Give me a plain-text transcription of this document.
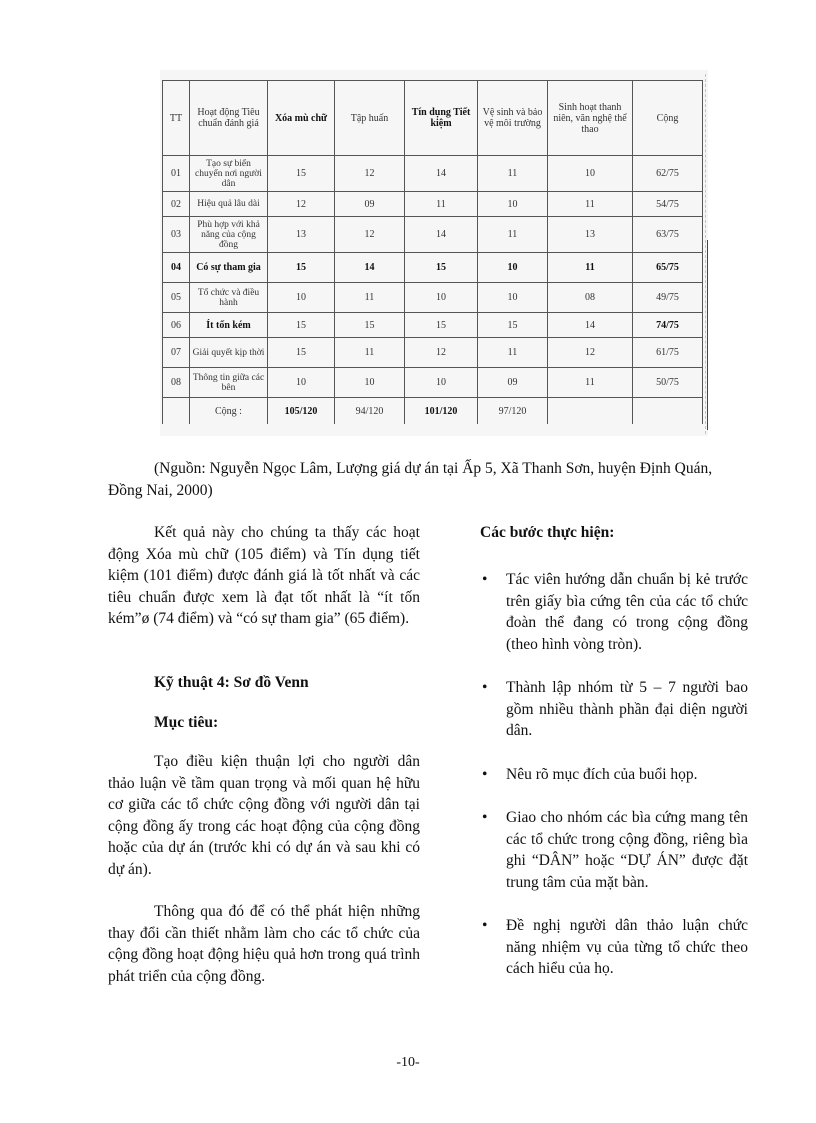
TT	Hoạt động Tiêu chuẩn đánh giá	Xóa mù chữ	Tập huấn	Tín dụng Tiết kiệm	Vệ sinh và bảo vệ môi trường	Sinh hoạt thanh niên, văn nghệ thể thao	Cộng
01	Tạo sự biến chuyển nơi người dân	15	12	14	11	10	62/75
02	Hiệu quả lâu dài	12	09	11	10	11	54/75
03	Phù hợp với khả năng của cộng đồng	13	12	14	11	13	63/75
04	Có sự tham gia	15	14	15	10	11	65/75
05	Tổ chức và điều hành	10	11	10	10	08	49/75
06	Ít tốn kém	15	15	15	15	14	74/75
07	Giải quyết kịp thời	15	11	12	11	12	61/75
08	Thông tin giữa các bên	10	10	10	09	11	50/75
	Cộng :	105/120	94/120	101/120	97/120		

(Nguồn: Nguyễn Ngọc Lâm, Lượng giá dự án tại Ấp 5, Xã Thanh Sơn, huyện Định Quán, Đồng Nai, 2000)

Kết quả này cho chúng ta thấy các hoạt động Xóa mù chữ (105 điểm) và Tín dụng tiết kiệm (101 điểm) được đánh giá là tốt nhất và các tiêu chuẩn được xem là đạt tốt nhất là “ít tốn kém”ø (74 điểm) và “có sự tham gia” (65 điểm).

Kỹ thuật 4: Sơ đồ Venn

Mục tiêu:

Tạo điều kiện thuận lợi cho người dân thảo luận về tầm quan trọng và mối quan hệ hữu cơ giữa các tổ chức cộng đồng với người dân tại cộng đồng ấy trong các hoạt động của cộng đồng hoặc của dự án (trước khi có dự án và sau khi có dự án).

Thông qua đó để có thể phát hiện những thay đổi cần thiết nhằm làm cho các tổ chức của cộng đồng hoạt động hiệu quả hơn trong quá trình phát triển của cộng đồng.

Các bước thực hiện:

• Tác viên hướng dẫn chuẩn bị kẻ trước trên giấy bìa cứng tên của các tổ chức đoàn thể đang có trong cộng đồng (theo hình vòng tròn).
• Thành lập nhóm từ 5 – 7 người bao gồm nhiều thành phần đại diện người dân.
• Nêu rõ mục đích của buổi họp.
• Giao cho nhóm các bìa cứng mang tên các tổ chức trong cộng đồng, riêng bìa ghi “DÂN” hoặc “DỰ ÁN” được đặt trung tâm của mặt bàn.
• Đề nghị người dân thảo luận chức năng nhiệm vụ của từng tổ chức theo cách hiểu của họ.
-10-
